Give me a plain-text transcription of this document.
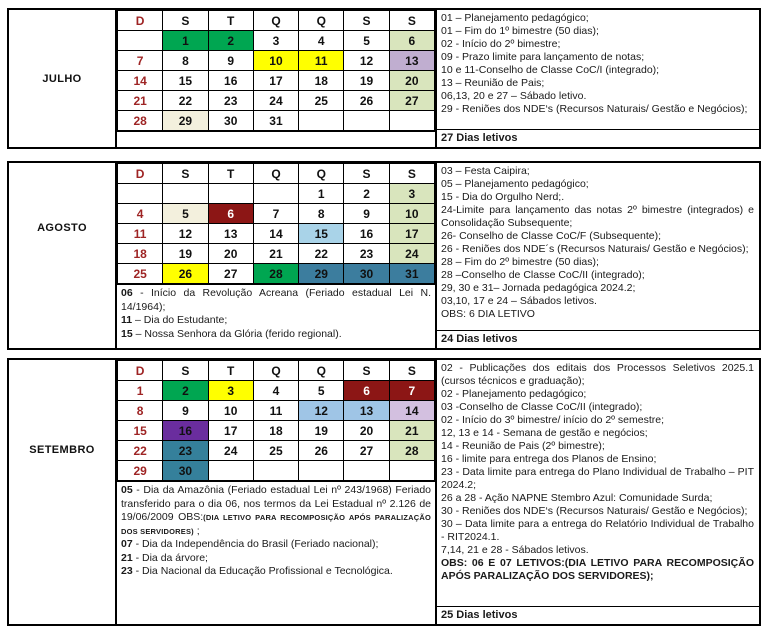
JULHO
D	S	T	Q	Q	S	S
	1	2	3	4	5	6
7	8	9	10	11	12	13
14	15	16	17	18	19	20
21	22	23	24	25	26	27
28	29	30	31			
01 – Planejamento pedagógico;
01 – Fim do 1º bimestre (50 dias);
02 - Início do 2º bimestre;
09 - Prazo limite para lançamento de notas;
10 e 11-Conselho de Classe CoC/I (integrado);
13 – Reunião de Pais;
06,13, 20 e 27 – Sábado letivo.
29 - Reniões dos NDE‘s (Recursos Naturais/ Gestão e Negócios);
27 Dias letivos
AGOSTO
D	S	T	Q	Q	S	S
				1	2	3
4	5	6	7	8	9	10
11	12	13	14	15	16	17
18	19	20	21	22	23	24
25	26	27	28	29	30	31
06 - Início da Revolução Acreana (Feriado estadual Lei N. 14/1964);
11 – Dia do Estudante;
15 – Nossa Senhora da Glória (ferido regional).
03 – Festa Caipira;
05 – Planejamento pedagógico;
15 - Dia do Orgulho Nerd;.
24-Limite para lançamento das notas 2º bimestre (integrados) e Consolidação Subsequente;
26- Conselho de Classe CoC/F (Subsequente);
26 - Reniões dos NDE´s (Recursos Naturais/ Gestão e Negócios);
28 – Fim do 2º bimestre (50 dias);
28 –Conselho de Classe CoC/II (integrado);
29, 30 e 31– Jornada pedagógica 2024.2;
03,10, 17 e 24 – Sábados letivos.
OBS: 6 DIA LETIVO
24 Dias letivos
SETEMBRO
D	S	T	Q	Q	S	S
1	2	3	4	5	6	7
8	9	10	11	12	13	14
15	16	17	18	19	20	21
22	23	24	25	26	27	28
29	30					
05 - Dia da Amazônia (Feriado estadual Lei nº 243/1968) Feriado transferido para o dia 06, nos termos da Lei Estadual nº 2.126 de 19/06/2009 OBS:(DIA LETIVO PARA RECOMPOSIÇÃO APÓS PARALIZAÇÃO DOS SERVIDORES) ;
07 - Dia da Independência do Brasil (Feriado nacional);
21 - Dia da árvore;
23 - Dia Nacional da Educação Profissional e Tecnológica.
02 - Publicações dos editais dos Processos Seletivos 2025.1 (cursos técnicos e graduação);
02 - Planejamento pedagógico;
03 -Conselho de Classe CoC/II (integrado);
02 - Início do 3º bimestre/ início do 2º semestre;
12, 13 e 14 - Semana de gestão e negócios;
14 - Reunião de Pais (2º bimestre);
16 - limite para entrega dos Planos de Ensino;
23 - Data limite para entrega do Plano Individual de Trabalho – PIT 2024.2;
26 a 28 - Ação NAPNE Stembro Azul: Comunidade Surda;
30 - Reniões dos NDE‘s (Recursos Naturais/ Gestão e Negócios);
30 – Data limite para a entrega do Relatório Individual de Trabalho - RIT2024.1.
7,14, 21 e 28 - Sábados letivos.
OBS: 06 E 07 LETIVOS:(DIA LETIVO PARA RECOMPOSIÇÃO APÓS PARALIZAÇÃO DOS SERVIDORES);
25 Dias letivos
